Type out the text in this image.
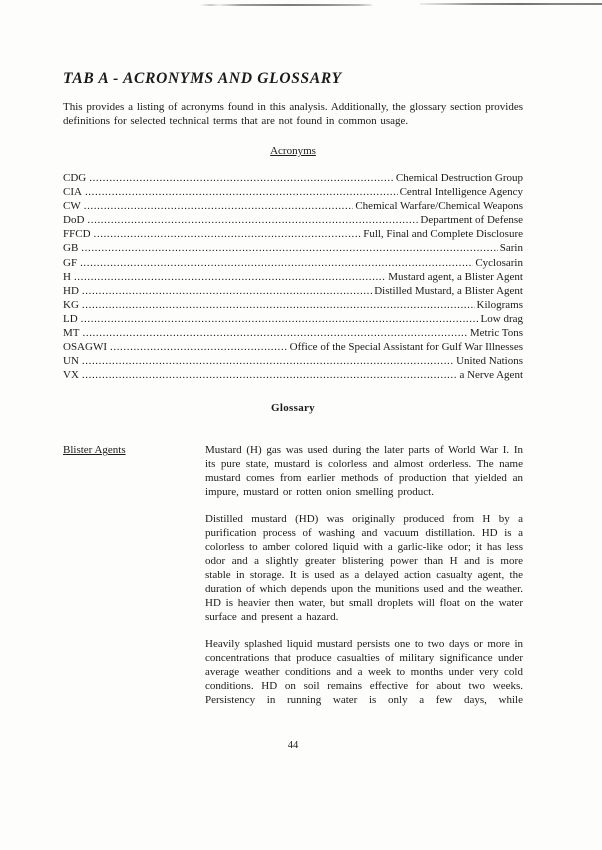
TAB A - ACRONYMS AND GLOSSARY

This provides a listing of acronyms found in this analysis. Additionally, the glossary section provides definitions for selected technical terms that are not found in common usage.

Acronyms
CDG .....	Chemical Destruction Group
CIA .....	Central Intelligence Agency
CW .....	Chemical Warfare/Chemical Weapons
DoD .....	Department of Defense
FFCD .....	Full, Final and Complete Disclosure
GB .....	Sarin
GF .....	Cyclosarin
H .....	Mustard agent, a Blister Agent
HD .....	Distilled Mustard, a Blister Agent
KG .....	Kilograms
LD .....	Low drag
MT .....	Metric Tons
OSAGWI .....	Office of the Special Assistant for Gulf War Illnesses
UN .....	United Nations
VX .....	a Nerve Agent
Glossary
Blister Agents	Mustard (H) gas was used during the later parts of World War I. In its pure state, mustard is colorless and almost orderless. The name mustard comes from earlier methods of production that yielded an impure, mustard or rotten onion smelling product.

Distilled mustard (HD) was originally produced from H by a purification process of washing and vacuum distillation. HD is a colorless to amber colored liquid with a garlic-like odor; it has less odor and a slightly greater blistering power than H and is more stable in storage. It is used as a delayed action casualty agent, the duration of which depends upon the munitions used and the weather. HD is heavier then water, but small droplets will float on the water surface and present a hazard.

Heavily splashed liquid mustard persists one to two days or more in concentrations that produce casualties of military significance under average weather conditions and a week to months under very cold conditions. HD on soil remains effective for about two weeks. Persistency in running water is only a few days, while

44
